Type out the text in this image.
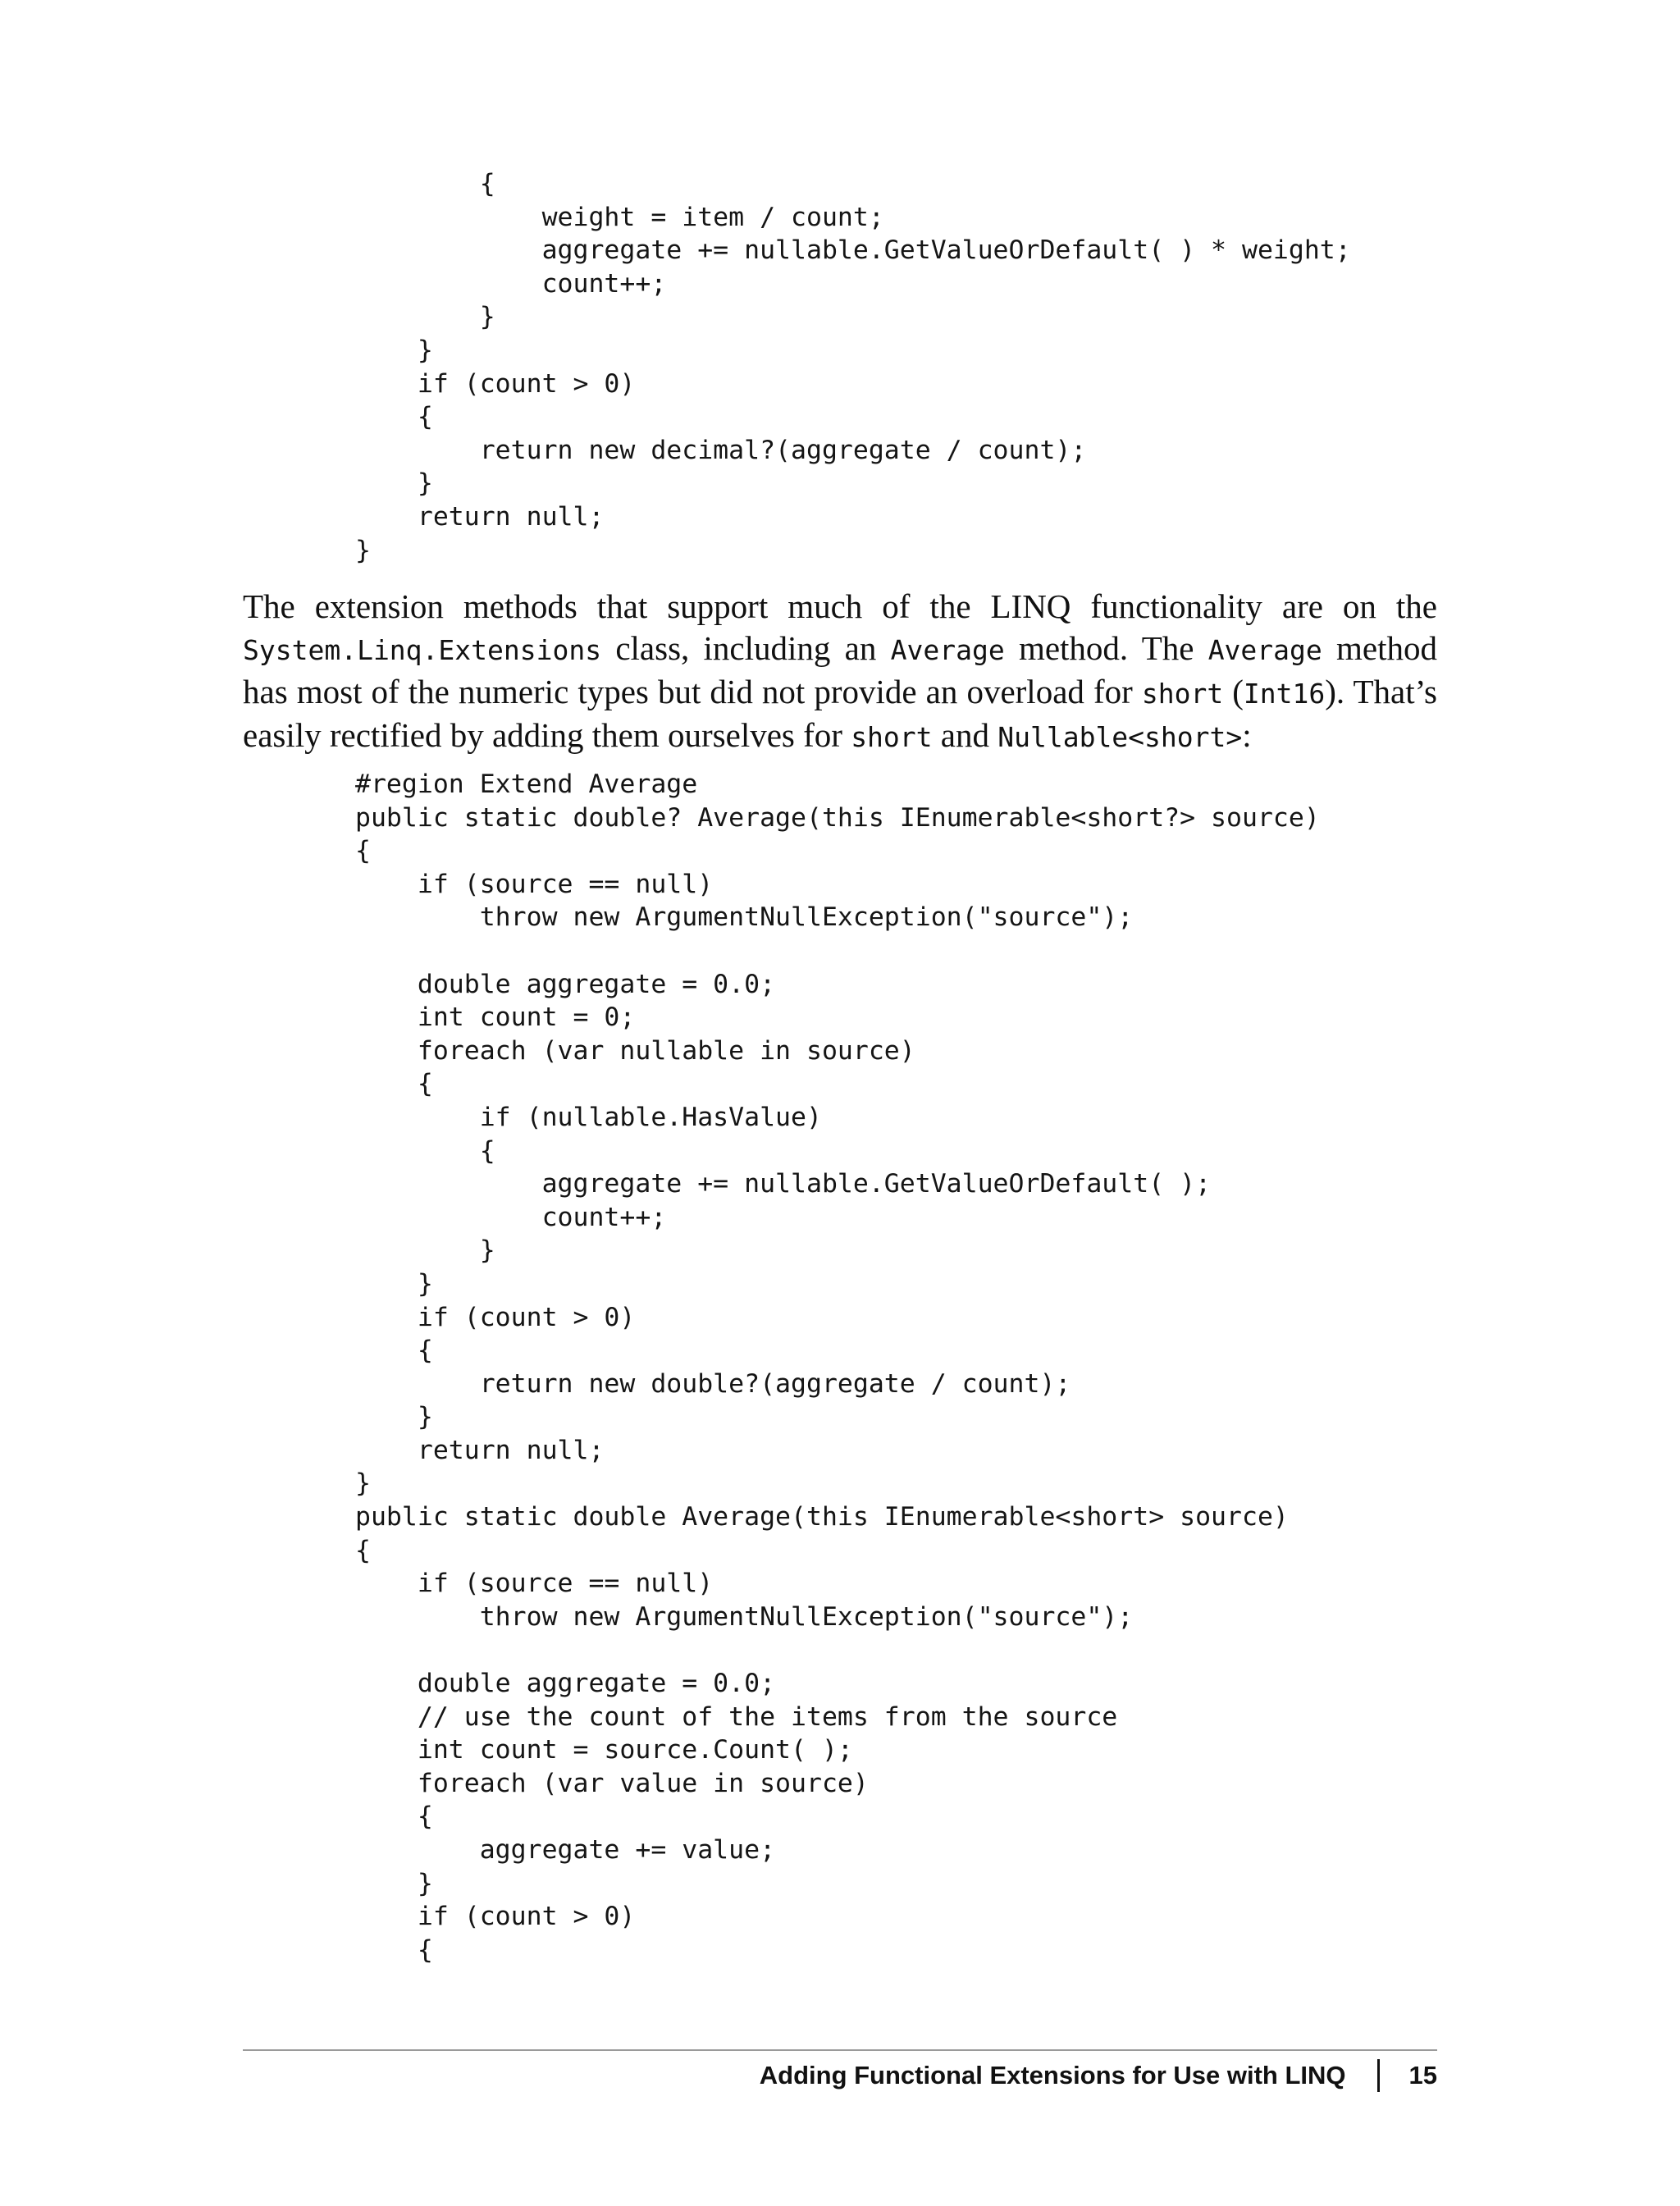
{
weight = item / count;
aggregate += nullable.GetValueOrDefault( ) * weight;
count++;
}
}
if (count > 0)
{
return new decimal?(aggregate / count);
}
return null;
}

The extension methods that support much of the LINQ functionality are on the System.Linq.Extensions class, including an Average method. The Average method has most of the numeric types but did not provide an overload for short (Int16). That’s easily rectified by adding them ourselves for short and Nullable<short>:

#region Extend Average
public static double? Average(this IEnumerable<short?> source)
{
if (source == null)
throw new ArgumentNullException("source");
double aggregate = 0.0;
int count = 0;
foreach (var nullable in source)
{
if (nullable.HasValue)
{
aggregate += nullable.GetValueOrDefault( );
count++;
}
}
if (count > 0)
{
return new double?(aggregate / count);
}
return null;
}
public static double Average(this IEnumerable<short> source)
{
if (source == null)
throw new ArgumentNullException("source");
double aggregate = 0.0;
// use the count of the items from the source
int count = source.Count( );
foreach (var value in source)
{
aggregate += value;
}
if (count > 0)
{
Adding Functional Extensions for Use with LINQ 15
